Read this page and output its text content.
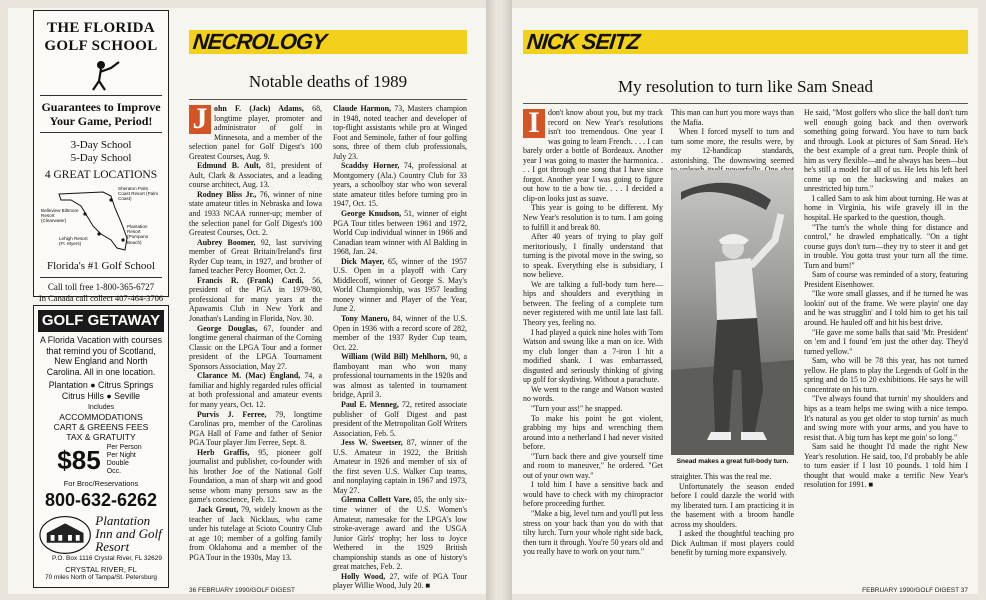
THE FLORIDA GOLF SCHOOL
Guarantees to Improve Your Game, Period!
3-Day School
5-Day School
4 GREAT LOCATIONS
Sheraton Palm Coast Resort (Palm Coast)
Belleview Biltmore Resort (Clearwater)
Lehigh Resort (Ft. Myers)
Plantation Resort (Pompano Beach)
Florida's #1 Golf School
Call toll free 1-800-365-6727
In Canada call collect 407-464-3706
GOLF GETAWAY
A Florida Vacation with courses that remind you of Scotland, New England and North Carolina. All in one location.
Plantation ● Citrus Springs Citrus Hills ● Seville
Includes
ACCOMMODATIONS
CART & GREENS FEES
TAX & GRATUITY
$85 Per Person Per Night Double Occ.
For Broc/Reservations
800-632-6262
Plantation Inn and Golf Resort
P.O. Box 1116 Crystal River, FL 32629
CRYSTAL RIVER, FL
70 miles North of Tampa/St. Petersburg
NECROLOGY
Notable deaths of 1989
J ohn F. (Jack) Adams, 68, longtime player, promoter and administrator of golf in Minnesota, and a member of the selection panel for Golf Digest's 100 Greatest Courses, Aug. 9.

Edmund B. Ault, 81, president of Ault, Clark & Associates, and a leading course architect, Aug. 13.

Rodney Bliss Jr., 76, winner of nine state amateur titles in Nebraska and Iowa and 1933 NCAA runner-up; member of the selection panel for Golf Digest's 100 Greatest Courses, Oct. 2.

Aubrey Boomer, 92, last surviving member of Great Britain/Ireland's first Ryder Cup team, in 1927, and brother of famed teacher Percy Boomer, Oct. 2.

Francis R. (Frank) Cardi, 56, president of the PGA in 1979-'80, professional for many years at the Apawamis Club in New York and Jonathan's Landing in Florida, Nov. 30.

George Douglas, 67, founder and longtime general chairman of the Corning Classic on the LPGA Tour and a former president of the LPGA Tournament Sponsors Association, May 27.

Clarance M. (Mac) England, 74, a familiar and highly regarded rules official at both professional and amateur events for many years, Oct. 12.

Purvis J. Ferree, 79, longtime Carolinas pro, member of the Carolinas PGA Hall of Fame and father of Senior PGA Tour player Jim Ferree, Sept. 8.

Herb Graffis, 95, pioneer golf journalist and publisher, co-founder with his brother Joe of the National Golf Foundation, a man of sharp wit and good sense whom many persons saw as the game's conscience, Feb. 12.

Jack Grout, 79, widely known as the teacher of Jack Nicklaus, who came under his tutelage at Scioto Country Club at age 10; member of a golfing family from Oklahoma and a member of the PGA Tour in the 1930s, May 13.

Claude Harmon, 73, Masters champion in 1948, noted teacher and developer of top-flight assistants while pro at Winged Foot and Seminole, father of four golfing sons, three of them club professionals, July 23.

Scaddsy Horner, 74, professional at Montgomery (Ala.) Country Club for 33 years, a schoolboy star who won several state amateur titles before turning pro in 1947, Oct. 15.

George Knudson, 51, winner of eight PGA Tour titles between 1961 and 1972, World Cup individual winner in 1966 and Canadian team winner with Al Balding in 1968, Jan. 24.

Dick Mayer, 65, winner of the 1957 U.S. Open in a playoff with Cary Middlecoff, winner of George S. May's World Championship, was 1957 leading money winner and Player of the Year, June 2.

Tony Manero, 84, winner of the U.S. Open in 1936 with a record score of 282, member of the 1937 Ryder Cup team, Oct. 22.

William (Wild Bill) Mehlhorn, 90, a flamboyant man who won many professional tournaments in the 1920s and was almost as talented in tournament bridge, April 3.

Paul E. Menneg, 72, retired associate publisher of Golf Digest and past president of the Metropolitan Golf Writers Association, Feb. 5.

Jess W. Sweetser, 87, winner of the U.S. Amateur in 1922, the British Amateur in 1926 and member of six of the first seven U.S. Walker Cup teams, and nonplaying captain in 1967 and 1973, May 27.

Glenna Collett Vare, 85, the only six-time winner of the U.S. Women's Amateur, namesake for the LPGA's low stroke-average award and the USGA Junior Girls' trophy; her loss to Joyce Wethered in the 1929 British championship stands as one of history's great matches, Feb. 2.

Holly Wood, 27, wife of PGA Tour player Willie Wood, July 20. ■

36 FEBRUARY 1990/GOLF DIGEST
NICK SEITZ
My resolution to turn like Sam Snead
I	don't know about you, but my track record on New Year's resolutions isn't too tremendous. One year I was going to learn French. . . . I can barely order a bottle of Bordeaux. Another year I was going to master the harmonica. . . . I got through one song that I have since forgot. Another year I was going to figure out how to tie a bow tie. . . . I decided a clip-on looks just as suave.

This year is going to be different. My New Year's resolution is to turn. I am going to fulfill it and break 80.

After 40 years of trying to play golf meritoriously, I finally understand that turning is the pivotal move in the swing, so to speak. Everything else is subsidiary, I now believe.

We are talking a full-body turn here—hips and shoulders and everything in between. The feeling of a complete turn never registered with me until late last fall. Theory yes, feeling no.

I had played a quick nine holes with Tom Watson and swung like a man on ice. With my club longer than a 7-iron I hit a modified shank. I was embarrassed, disgusted and seriously thinking of giving up golf for skydiving. Without a parachute.

We went to the range and Watson wasted no words.

"Turn your ass!" he snapped.

To make his point he got violent, grabbing my hips and wrenching them around into a netherland I had never visited before.

"Turn back there and give yourself time and room to maneuver," he ordered. "Get out of your own way."

I told him I have a sensitive back and would have to check with my chiropractor before proceeding further.

"Make a big, level turn and you'll put less stress on your back than you do with that tilty lurch. Turn your whole right side back, then turn it through. You're 50 years old and you really have to work on your turn."

This man can hurt you more ways than the Mafia.

When I forced myself to turn and turn some more, the results were, by my 12-handicap standards, astonishing. The downswing seemed

Snead makes a great full-body turn.

straighter. This was the real me.

Unfortunately the season ended before I could dazzle the world with my liberated turn. I am practicing it in the basement with a broom handle across my shoulders.

I asked the thoughtful teaching pro Dick Aultman if most players could benefit by turning more expansively.

He said, "Most golfers who slice the ball don't turn well enough going back and then overwork something going forward. You have to turn back and through. Look at pictures of Sam Snead. He's the best example of a great turn. People think of him as very flexible—and he always has been—but he's still a model for all of us. He lets his left heel come up on the backswing and makes an unrestricted hip turn."

I called Sam to ask him about turning. He was at home in Virginia, his wife gravely ill in the hospital. He sparked to the question, though.

"The turn's the whole thing for distance and control," he drawled emphatically. "On a tight course guys don't turn—they try to steer it and get in trouble. You gotta trust your turn all the time. Turn and burn!"

Sam of course was reminded of a story, featuring President Eisenhower.

"Ike wore small glasses, and if he turned he was lookin' out of the frame. We were playin' one day and he was strugglin' and I told him to get his tail around. He hauled off and hit his best drive.

"He gave me some balls that said 'Mr. President' on 'em and I found 'em just the other day. They'd turned yellow."

Sam, who will be 78 this year, has not turned yellow. He plans to play the Legends of Golf in the spring and do 15 to 20 exhibitions. He says he will concentrate on his turn.

"I've always found that turnin' my shoulders and hips as a team helps me swing with a nice tempo. It's natural as you get older to stop turnin' as much and swing more with your arms, and you have to resist that. A big turn has kept me goin' so long."

Sam said he thought I'd made the right New Year's resolution. He said, too, I'd probably be able to turn easier if I lost 10 pounds. I told him I thought that would make a terrific New Year's resolution for 1991. ■

FEBRUARY 1990/GOLF DIGEST 37
